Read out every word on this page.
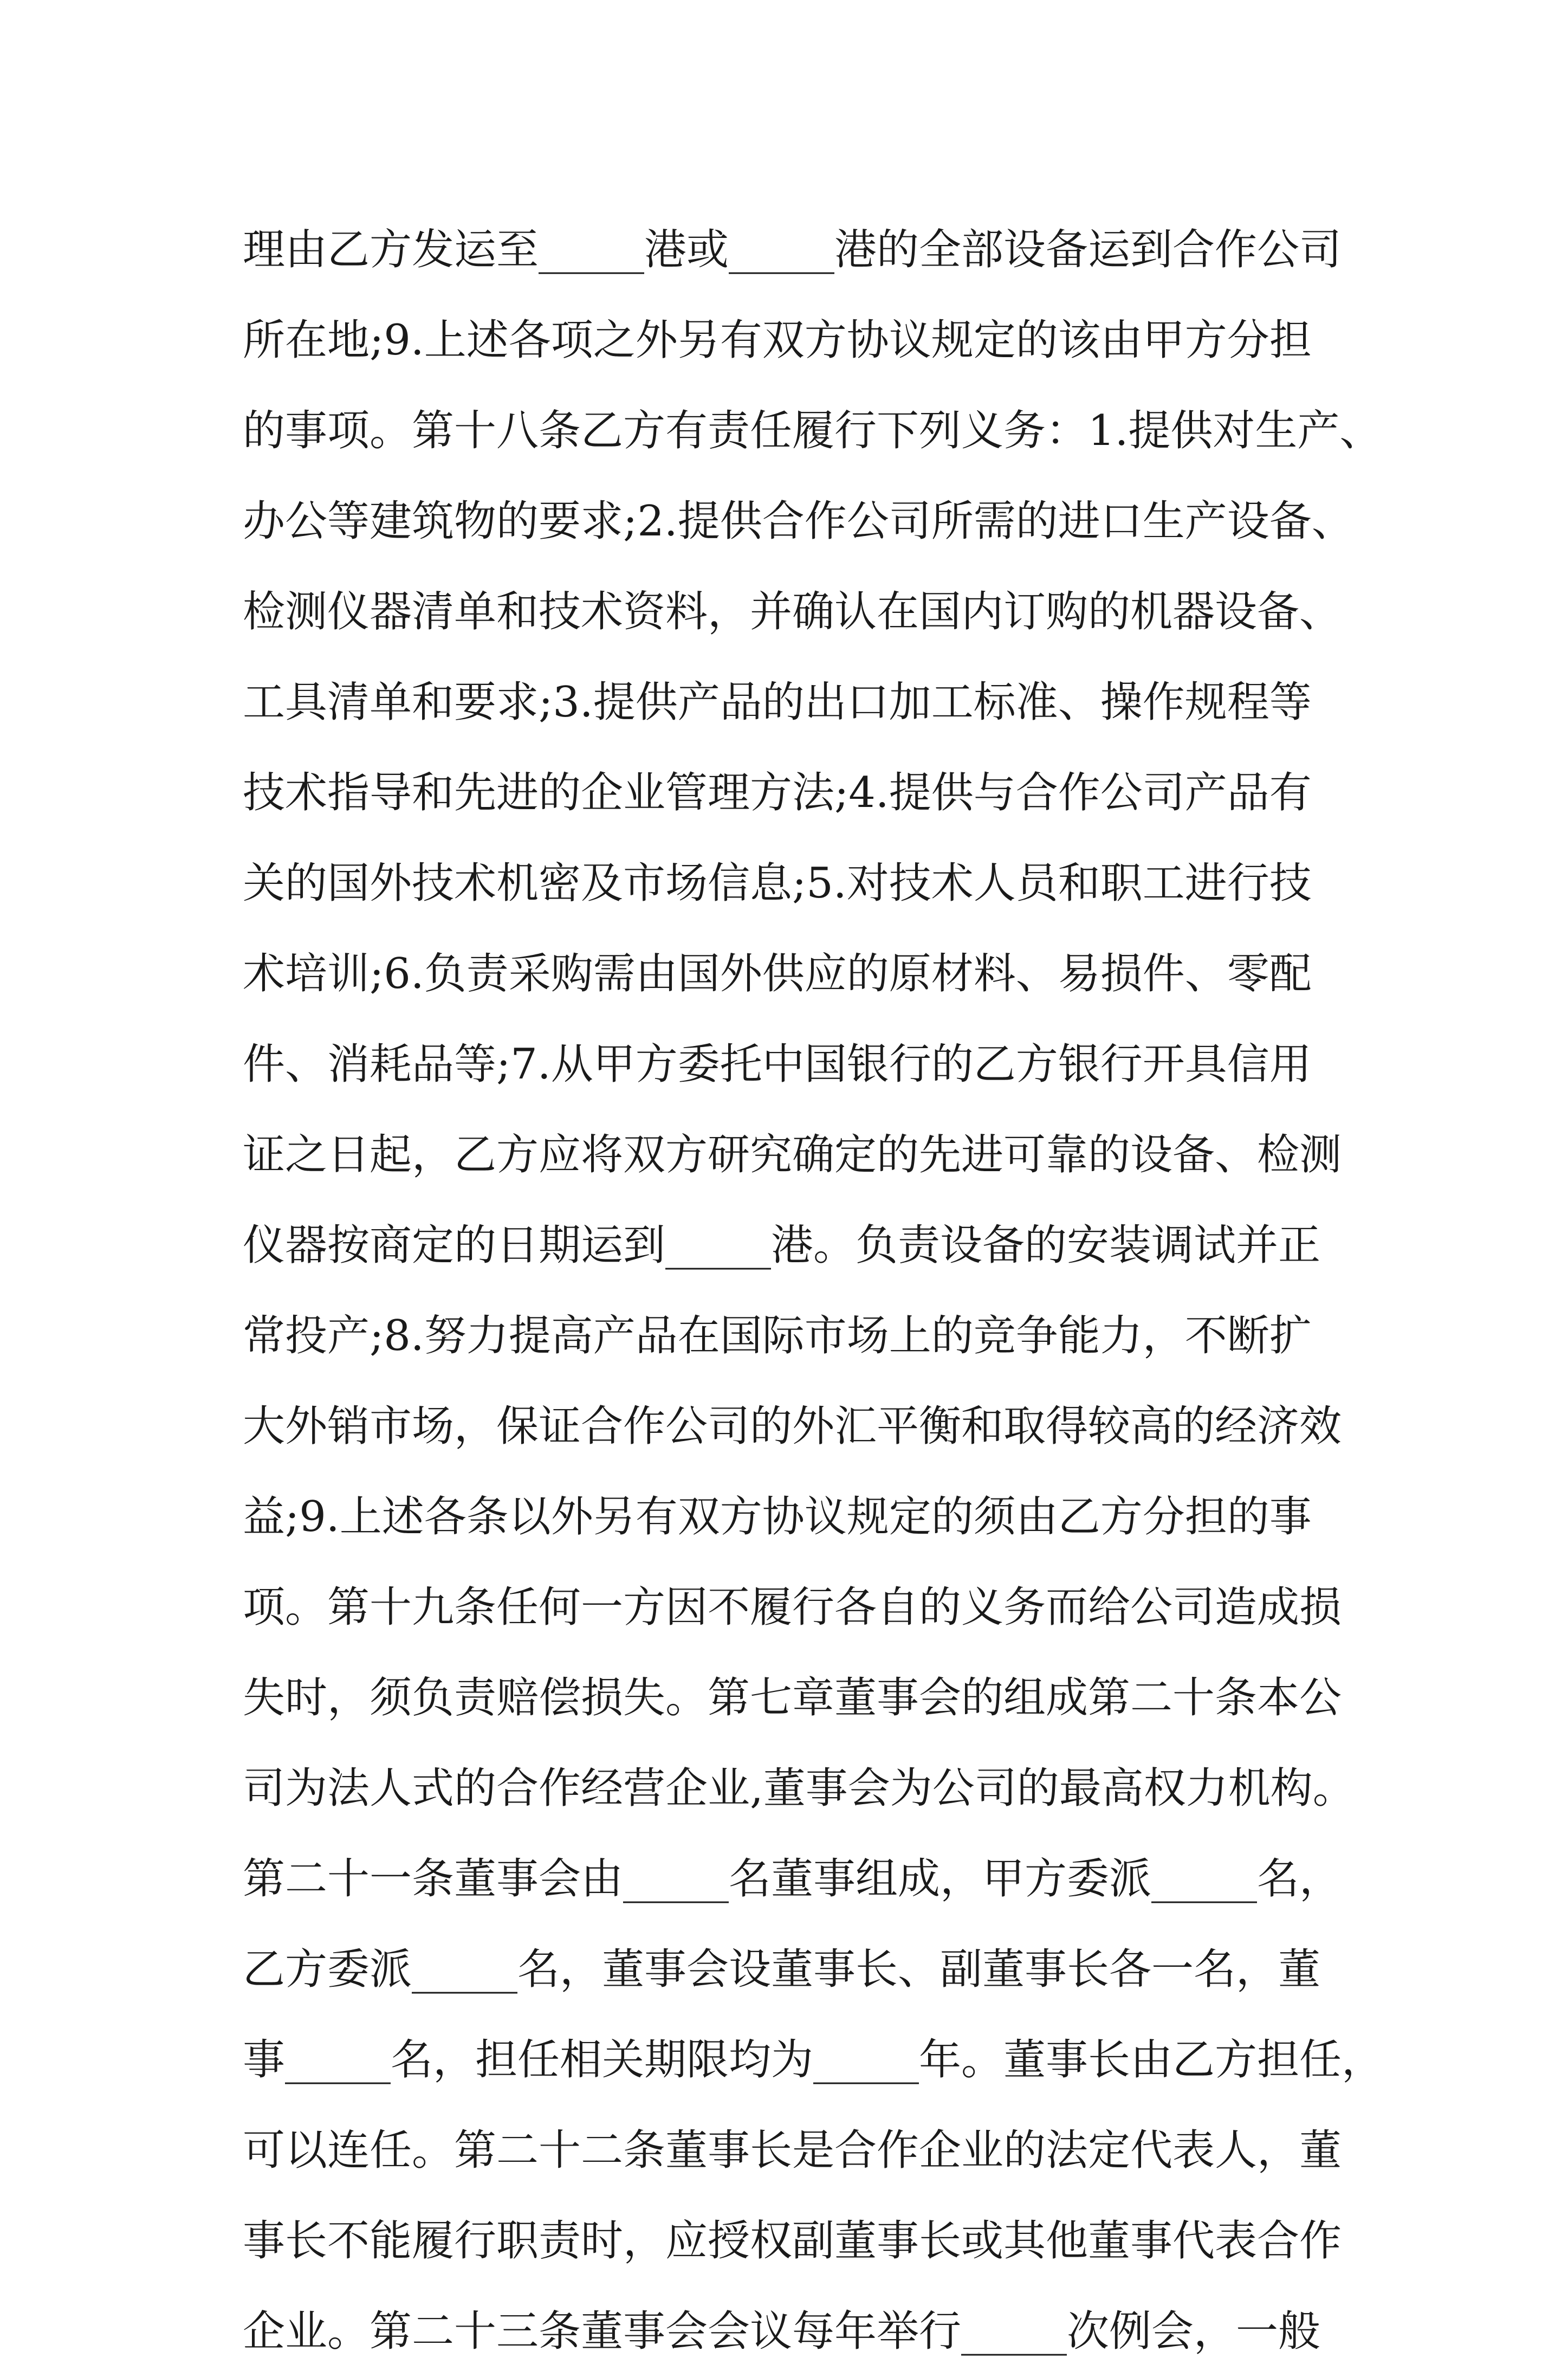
理由乙方发运至_____港或_____港的全部设备运到合作公司
所在地;9.上述各项之外另有双方协议规定的该由甲方分担
的事项。第十八条乙方有责任履行下列义务：1.提供对生产、
办公等建筑物的要求;2.提供合作公司所需的进口生产设备、
检测仪器清单和技术资料，并确认在国内订购的机器设备、
工具清单和要求;3.提供产品的出口加工标准、操作规程等
技术指导和先进的企业管理方法;4.提供与合作公司产品有
关的国外技术机密及市场信息;5.对技术人员和职工进行技
术培训;6.负责采购需由国外供应的原材料、易损件、零配
件、消耗品等;7.从甲方委托中国银行的乙方银行开具信用
证之日起，乙方应将双方研究确定的先进可靠的设备、检测
仪器按商定的日期运到_____港。负责设备的安装调试并正
常投产;8.努力提高产品在国际市场上的竞争能力，不断扩
大外销市场，保证合作公司的外汇平衡和取得较高的经济效
益;9.上述各条以外另有双方协议规定的须由乙方分担的事
项。第十九条任何一方因不履行各自的义务而给公司造成损
失时，须负责赔偿损失。第七章董事会的组成第二十条本公
司为法人式的合作经营企业,董事会为公司的最高权力机构。
第二十一条董事会由_____名董事组成，甲方委派_____名，
乙方委派_____名，董事会设董事长、副董事长各一名，董
事_____名，担任相关期限均为_____年。董事长由乙方担任，
可以连任。第二十二条董事长是合作企业的法定代表人，董
事长不能履行职责时，应授权副董事长或其他董事代表合作
企业。第二十三条董事会会议每年举行_____次例会，一般
